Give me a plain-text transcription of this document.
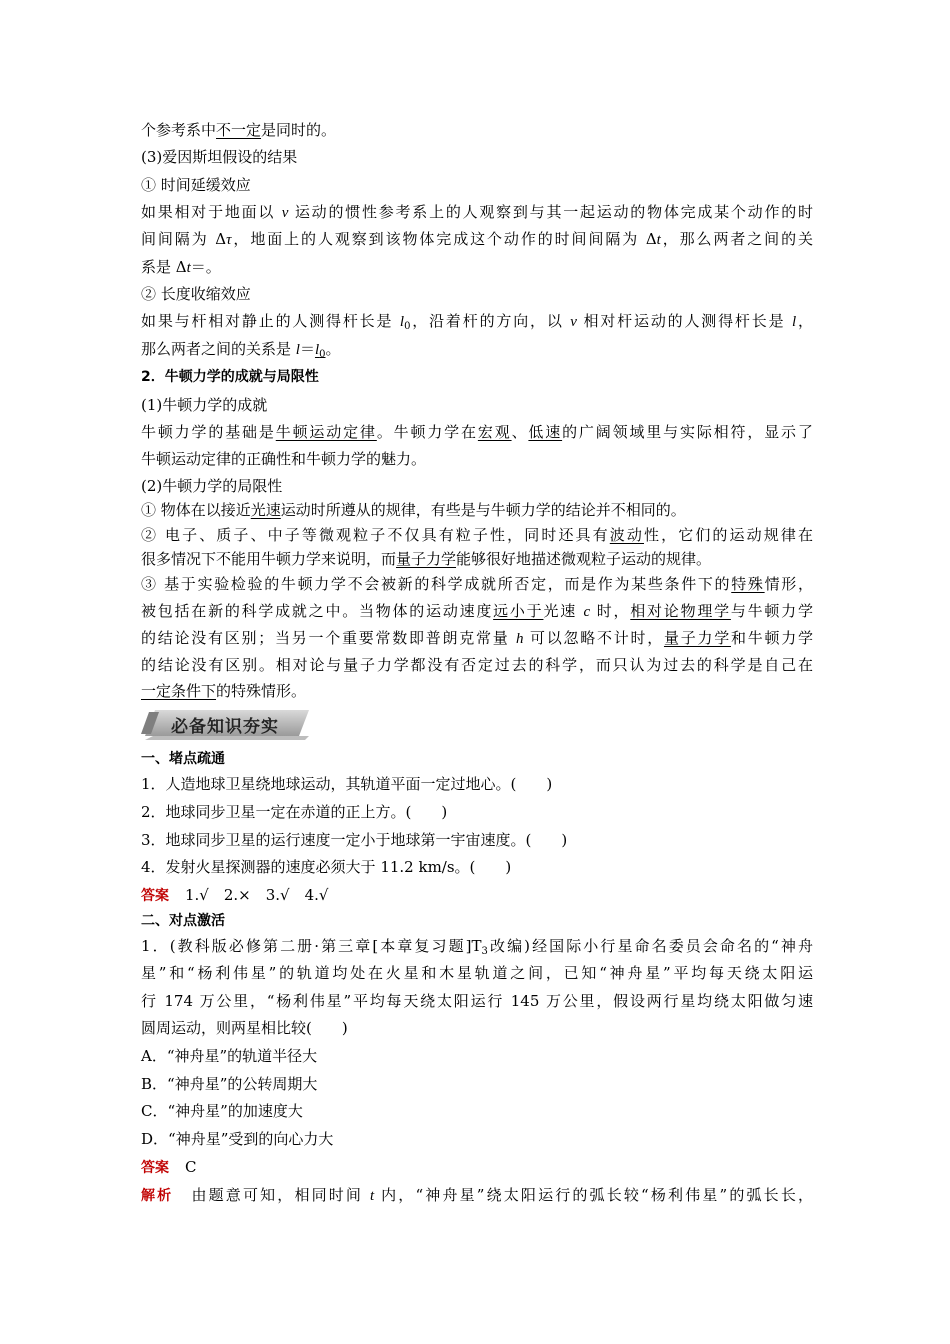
个参考系中不一定是同时的。
(3)爱因斯坦假设的结果
① 时间延缓效应
如果相对于地面以 v 运动的惯性参考系上的人观察到与其一起运动的物体完成某个动作的时
间间隔为 Δτ，地面上的人观察到该物体完成这个动作的时间间隔为 Δt，那么两者之间的关
系是 Δt＝。
② 长度收缩效应
如果与杆相对静止的人测得杆长是 $l_0$，沿着杆的方向，以 v 相对杆运动的人测得杆长是 l，
那么两者之间的关系是 $l=l_0$。
2．牛顿力学的成就与局限性
(1)牛顿力学的成就
牛顿力学的基础是牛顿运动定律。牛顿力学在宏观、低速的广阔领域里与实际相符，显示了
牛顿运动定律的正确性和牛顿力学的魅力。
(2)牛顿力学的局限性
① 物体在以接近光速运动时所遵从的规律，有些是与牛顿力学的结论并不相同的。
② 电子、质子、中子等微观粒子不仅具有粒子性，同时还具有波动性，它们的运动规律在
很多情况下不能用牛顿力学来说明，而量子力学能够很好地描述微观粒子运动的规律。
③ 基于实验检验的牛顿力学不会被新的科学成就所否定，而是作为某些条件下的特殊情形，
被包括在新的科学成就之中。当物体的运动速度远小于光速 c 时，相对论物理学与牛顿力学
的结论没有区别；当另一个重要常数即普朗克常量 h 可以忽略不计时，量子力学和牛顿力学
的结论没有区别。相对论与量子力学都没有否定过去的科学，而只认为过去的科学是自己在
一定条件下的特殊情形。
必备知识夯实
一、堵点疏通
1．人造地球卫星绕地球运动，其轨道平面一定过地心。(　　)
2．地球同步卫星一定在赤道的正上方。(　　)
3．地球同步卫星的运行速度一定小于地球第一宇宙速度。(　　)
4．发射火星探测器的速度必须大于 11.2 km/s。(　　)
答案 1.√　2.×　3.√　4.√
二、对点激活
1．(教科版必修第二册·第三章[本章复习题]$T_3$改编)经国际小行星命名委员会命名的“神舟
星”和“杨利伟星”的轨道均处在火星和木星轨道之间，已知“神舟星”平均每天绕太阳运
行 174 万公里，“杨利伟星”平均每天绕太阳运行 145 万公里，假设两行星均绕太阳做匀速
圆周运动，则两星相比较(　　)
A．“神舟星”的轨道半径大
B．“神舟星”的公转周期大
C．“神舟星”的加速度大
D．“神舟星”受到的向心力大
答案 C
解析 由题意可知，相同时间 t 内，“神舟星”绕太阳运行的弧长较“杨利伟星”的弧长长，
